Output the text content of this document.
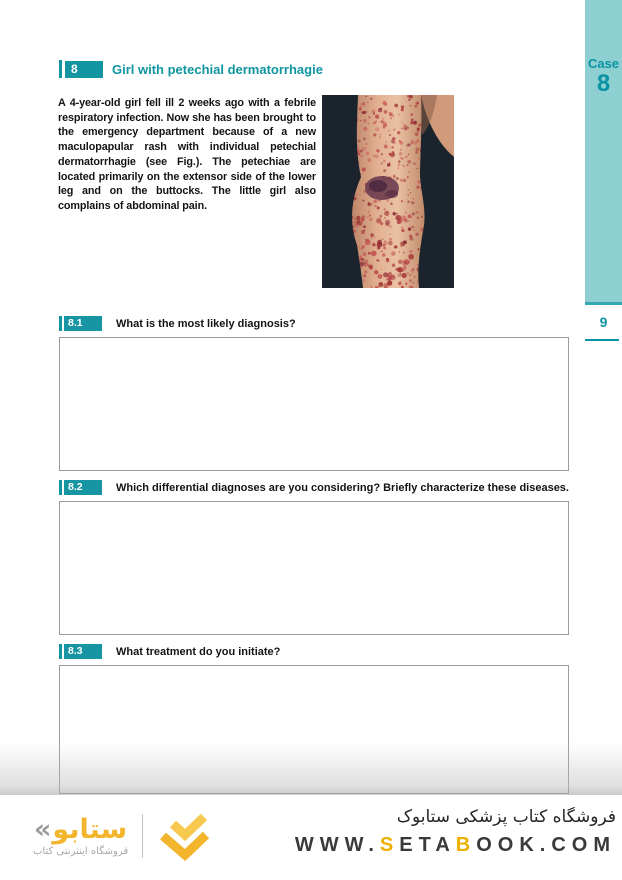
Case
8
9
8	Girl with petechial dermatorrhagie
A 4-year-old girl fell ill 2 weeks ago with a febrile respiratory infection. Now she has been brought to the emergency department because of a new maculopapular rash with individual petechial dermatorrhagie (see Fig.). The petechiae are located primarily on the extensor side of the lower leg and on the buttocks. The little girl also complains of abdominal pain.
8.1	What is the most likely diagnosis?
8.2	Which differential diagnoses are you considering? Briefly characterize these diseases.
8.3	What treatment do you initiate?
«ستابو
فروشگاه اینترنتی کتاب
فروشگاه کتاب پزشکی ستابوک
WWW.SETABOOK.COM
